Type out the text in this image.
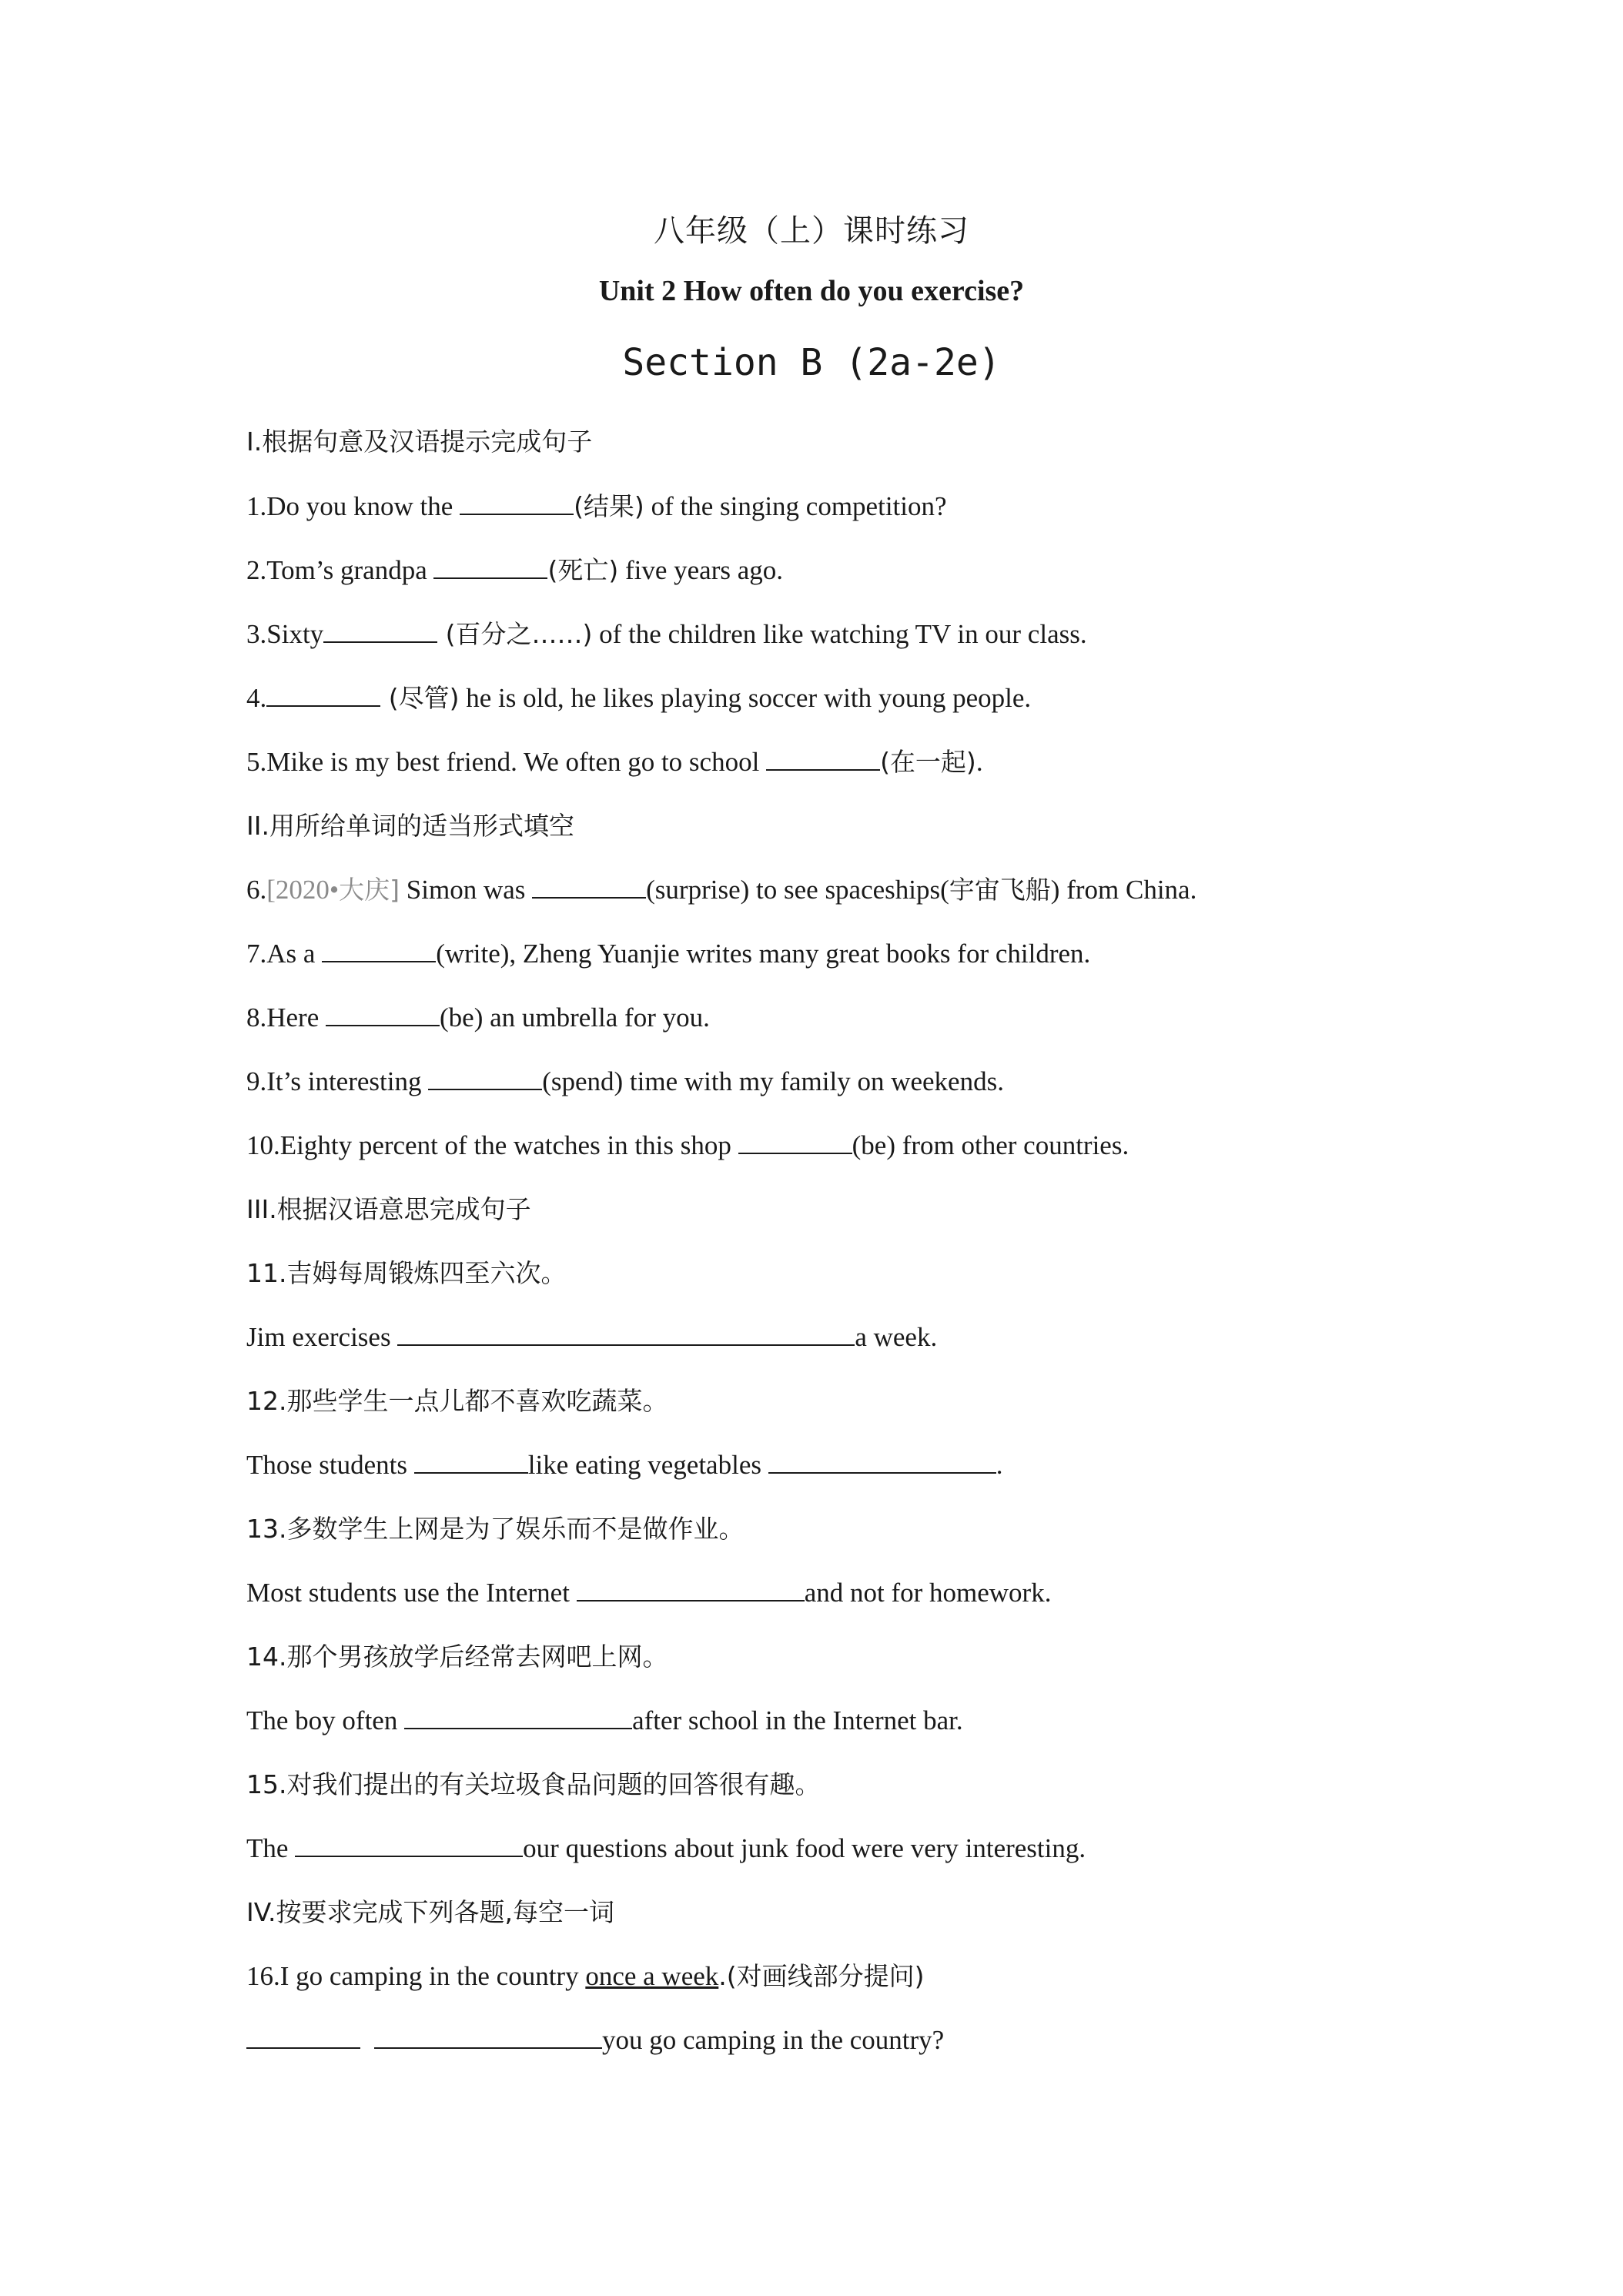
八年级（上）课时练习
Unit 2 How often do you exercise?
Section B (2a-2e)
I.根据句意及汉语提示完成句子
1.Do you know the	(结果) of the singing competition?
2.Tom’s grandpa	(死亡) five years ago.
3.Sixty	(百分之……) of the children like watching TV in our class.
4.	(尽管) he is old, he likes playing soccer with young people.
5.Mike is my best friend. We often go to school	(在一起).
II.用所给单词的适当形式填空
6.[2020•大庆] Simon was	(surprise) to see spaceships(宇宙飞船) from China.
7.As a	(write), Zheng Yuanjie writes many great books for children.
8.Here	(be) an umbrella for you.
9.It’s interesting	(spend) time with my family on weekends.
10.Eighty percent of the watches in this shop	(be) from other countries.
III.根据汉语意思完成句子
11.吉姆每周锻炼四至六次。
Jim exercises	a week.
12.那些学生一点儿都不喜欢吃蔬菜。
Those students	like eating vegetables	.
13.多数学生上网是为了娱乐而不是做作业。
Most students use the Internet	and not for homework.
14.那个男孩放学后经常去网吧上网。
The boy often	after school in the Internet bar.
15.对我们提出的有关垃圾食品问题的回答很有趣。
The	our questions about junk food were very interesting.
IV.按要求完成下列各题,每空一词
16.I go camping in the country once a week.(对画线部分提问)
you go camping in the country?
